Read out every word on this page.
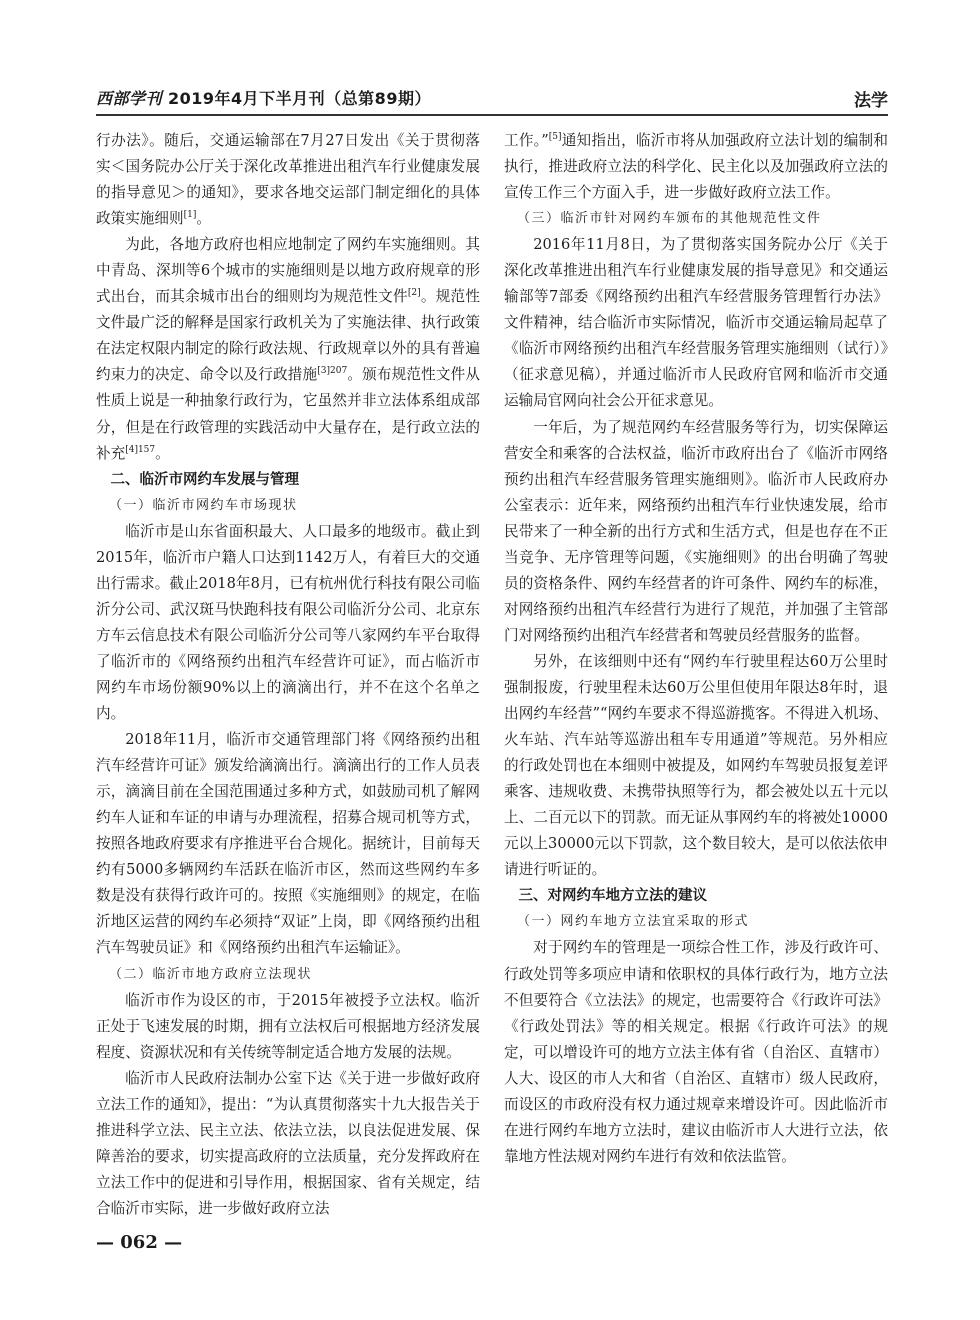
西部学刊 2019年4月下半月刊（总第89期）	法学

行办法》。随后，交通运输部在7月27日发出《关于贯彻落实＜国务院办公厅关于深化改革推进出租汽车行业健康发展的指导意见＞的通知》，要求各地交运部门制定细化的具体政策实施细则[1]。

为此，各地方政府也相应地制定了网约车实施细则。其中青岛、深圳等6个城市的实施细则是以地方政府规章的形式出台，而其余城市出台的细则均为规范性文件[2]。规范性文件最广泛的解释是国家行政机关为了实施法律、执行政策在法定权限内制定的除行政法规、行政规章以外的具有普遍约束力的决定、命令以及行政措施$^{[3]207}$。颁布规范性文件从性质上说是一种抽象行政行为，它虽然并非立法体系组成部分，但是在行政管理的实践活动中大量存在，是行政立法的补充$^{[4]157}$。

二、临沂市网约车发展与管理

（一）临沂市网约车市场现状

临沂市是山东省面积最大、人口最多的地级市。截止到2015年，临沂市户籍人口达到1142万人，有着巨大的交通出行需求。截止2018年8月，已有杭州优行科技有限公司临沂分公司、武汉斑马快跑科技有限公司临沂分公司、北京东方车云信息技术有限公司临沂分公司等八家网约车平台取得了临沂市的《网络预约出租汽车经营许可证》，而占临沂市网约车市场份额90%以上的滴滴出行，并不在这个名单之内。

2018年11月，临沂市交通管理部门将《网络预约出租汽车经营许可证》颁发给滴滴出行。滴滴出行的工作人员表示，滴滴目前在全国范围通过多种方式，如鼓励司机了解网约车人证和车证的申请与办理流程，招募合规司机等方式，按照各地政府要求有序推进平台合规化。据统计，目前每天约有5000多辆网约车活跃在临沂市区，然而这些网约车多数是没有获得行政许可的。按照《实施细则》的规定，在临沂地区运营的网约车必须持“双证”上岗，即《网络预约出租汽车驾驶员证》和《网络预约出租汽车运输证》。

（二）临沂市地方政府立法现状

临沂市作为设区的市，于2015年被授予立法权。临沂正处于飞速发展的时期，拥有立法权后可根据地方经济发展程度、资源状况和有关传统等制定适合地方发展的法规。

临沂市人民政府法制办公室下达《关于进一步做好政府立法工作的通知》，提出：“为认真贯彻落实十九大报告关于推进科学立法、民主立法、依法立法，以良法促进发展、保障善治的要求，切实提高政府的立法质量，充分发挥政府在立法工作中的促进和引导作用，根据国家、省有关规定，结合临沂市实际，进一步做好政府立法

工作。”[5]通知指出，临沂市将从加强政府立法计划的编制和执行，推进政府立法的科学化、民主化以及加强政府立法的宣传工作三个方面入手，进一步做好政府立法工作。

（三）临沂市针对网约车颁布的其他规范性文件

2016年11月8日，为了贯彻落实国务院办公厅《关于深化改革推进出租汽车行业健康发展的指导意见》和交通运输部等7部委《网络预约出租汽车经营服务管理暂行办法》文件精神，结合临沂市实际情况，临沂市交通运输局起草了《临沂市网络预约出租汽车经营服务管理实施细则（试行）》（征求意见稿），并通过临沂市人民政府官网和临沂市交通运输局官网向社会公开征求意见。

一年后，为了规范网约车经营服务等行为，切实保障运营安全和乘客的合法权益，临沂市政府出台了《临沂市网络预约出租汽车经营服务管理实施细则》。临沂市人民政府办公室表示：近年来，网络预约出租汽车行业快速发展，给市民带来了一种全新的出行方式和生活方式，但是也存在不正当竞争、无序管理等问题，《实施细则》的出台明确了驾驶员的资格条件、网约车经营者的许可条件、网约车的标准，对网络预约出租汽车经营行为进行了规范，并加强了主管部门对网络预约出租汽车经营者和驾驶员经营服务的监督。

另外，在该细则中还有“网约车行驶里程达60万公里时强制报废，行驶里程未达60万公里但使用年限达8年时，退出网约车经营”“网约车要求不得巡游揽客。不得进入机场、火车站、汽车站等巡游出租车专用通道”等规范。另外相应的行政处罚也在本细则中被提及，如网约车驾驶员报复差评乘客、违规收费、未携带执照等行为，都会被处以五十元以上、二百元以下的罚款。而无证从事网约车的将被处10000元以上30000元以下罚款，这个数目较大，是可以依法依申请进行听证的。

三、对网约车地方立法的建议

（一）网约车地方立法宜采取的形式

对于网约车的管理是一项综合性工作，涉及行政许可、行政处罚等多项应申请和依职权的具体行政行为，地方立法不但要符合《立法法》的规定，也需要符合《行政许可法》《行政处罚法》等的相关规定。根据《行政许可法》的规定，可以增设许可的地方立法主体有省（自治区、直辖市）人大、设区的市人大和省（自治区、直辖市）级人民政府，而设区的市政府没有权力通过规章来增设许可。因此临沂市在进行网约车地方立法时，建议由临沂市人大进行立法，依靠地方性法规对网约车进行有效和依法监管。

— 062 —
